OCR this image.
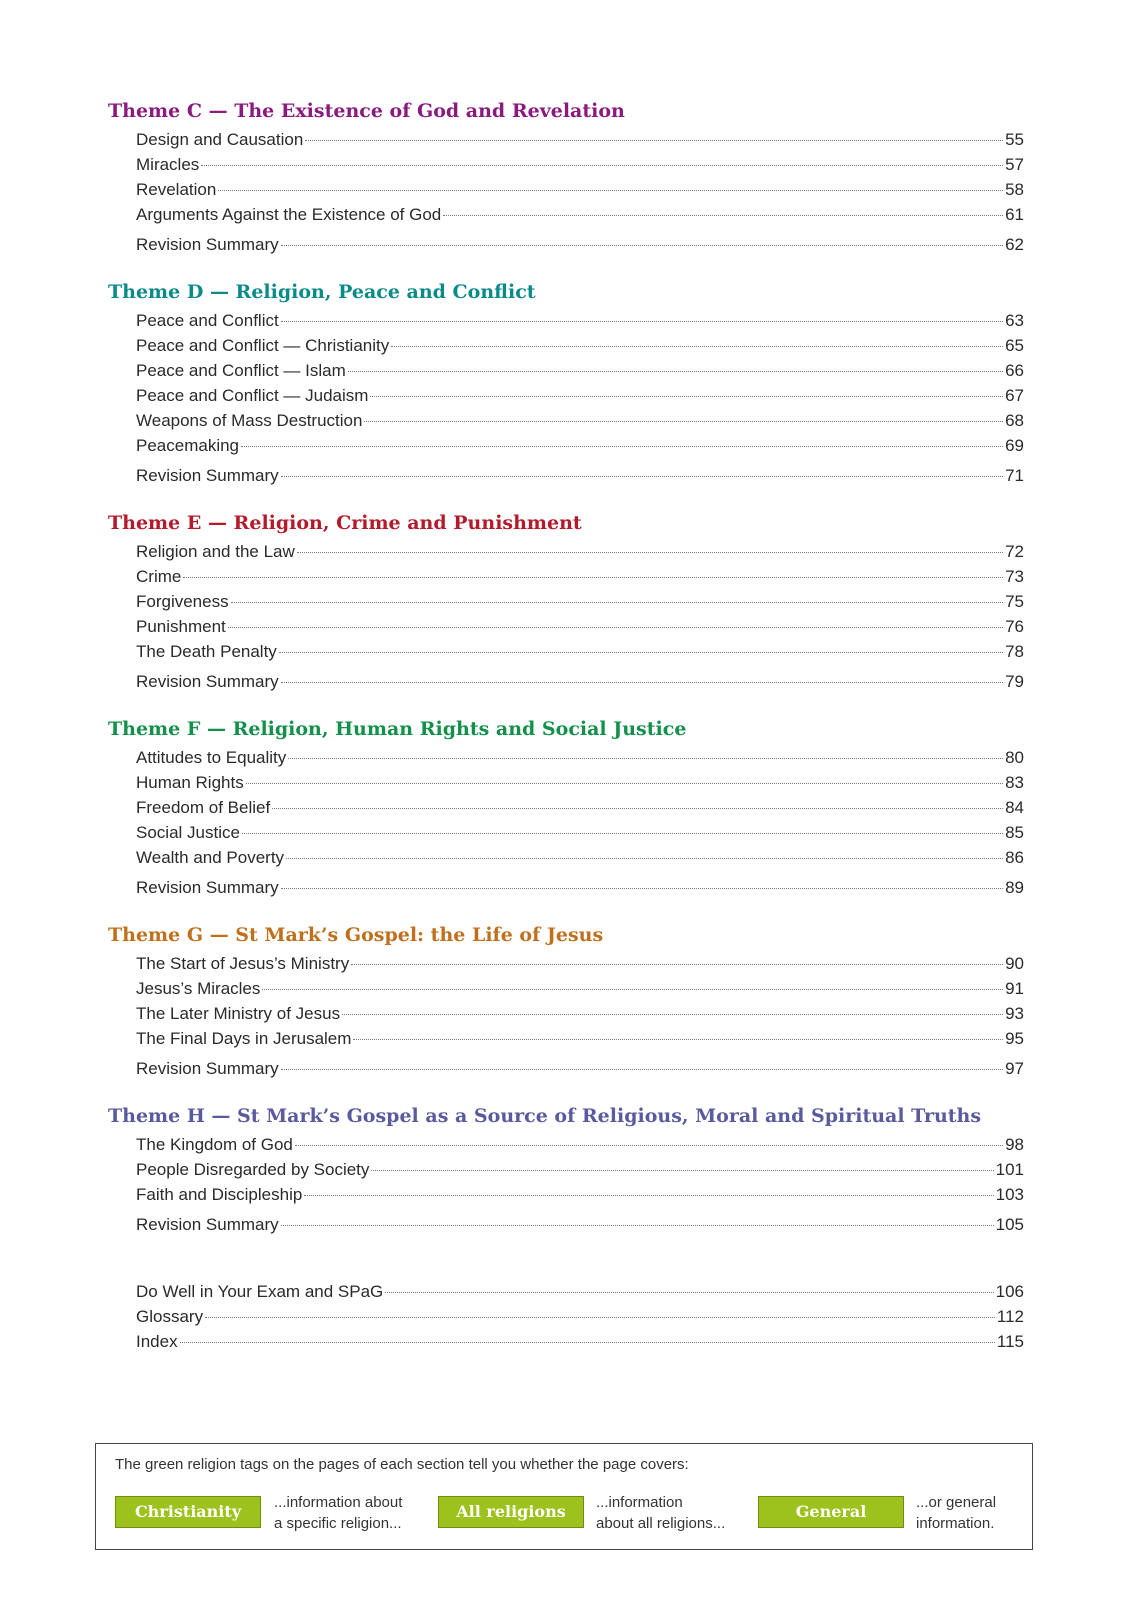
Theme C — The Existence of God and Revelation
Design and Causation	55
Miracles	57
Revelation	58
Arguments Against the Existence of God	61
Revision Summary	62
Theme D — Religion, Peace and Conflict
Peace and Conflict	63
Peace and Conflict — Christianity	65
Peace and Conflict — Islam	66
Peace and Conflict — Judaism	67
Weapons of Mass Destruction	68
Peacemaking	69
Revision Summary	71
Theme E — Religion, Crime and Punishment
Religion and the Law	72
Crime	73
Forgiveness	75
Punishment	76
The Death Penalty	78
Revision Summary	79
Theme F — Religion, Human Rights and Social Justice
Attitudes to Equality	80
Human Rights	83
Freedom of Belief	84
Social Justice	85
Wealth and Poverty	86
Revision Summary	89
Theme G — St Mark’s Gospel: the Life of Jesus
The Start of Jesus’s Ministry	90
Jesus’s Miracles	91
The Later Ministry of Jesus	93
The Final Days in Jerusalem	95
Revision Summary	97
Theme H — St Mark’s Gospel as a Source of Religious, Moral and Spiritual Truths
The Kingdom of God	98
People Disregarded by Society	101
Faith and Discipleship	103
Revision Summary	105
Do Well in Your Exam and SPaG	106
Glossary	112
Index	115
The green religion tags on the pages of each section tell you whether the page covers:
Christianity	...information about
a specific religion...
All religions	...information
about all religions...
General	...or general
information.
